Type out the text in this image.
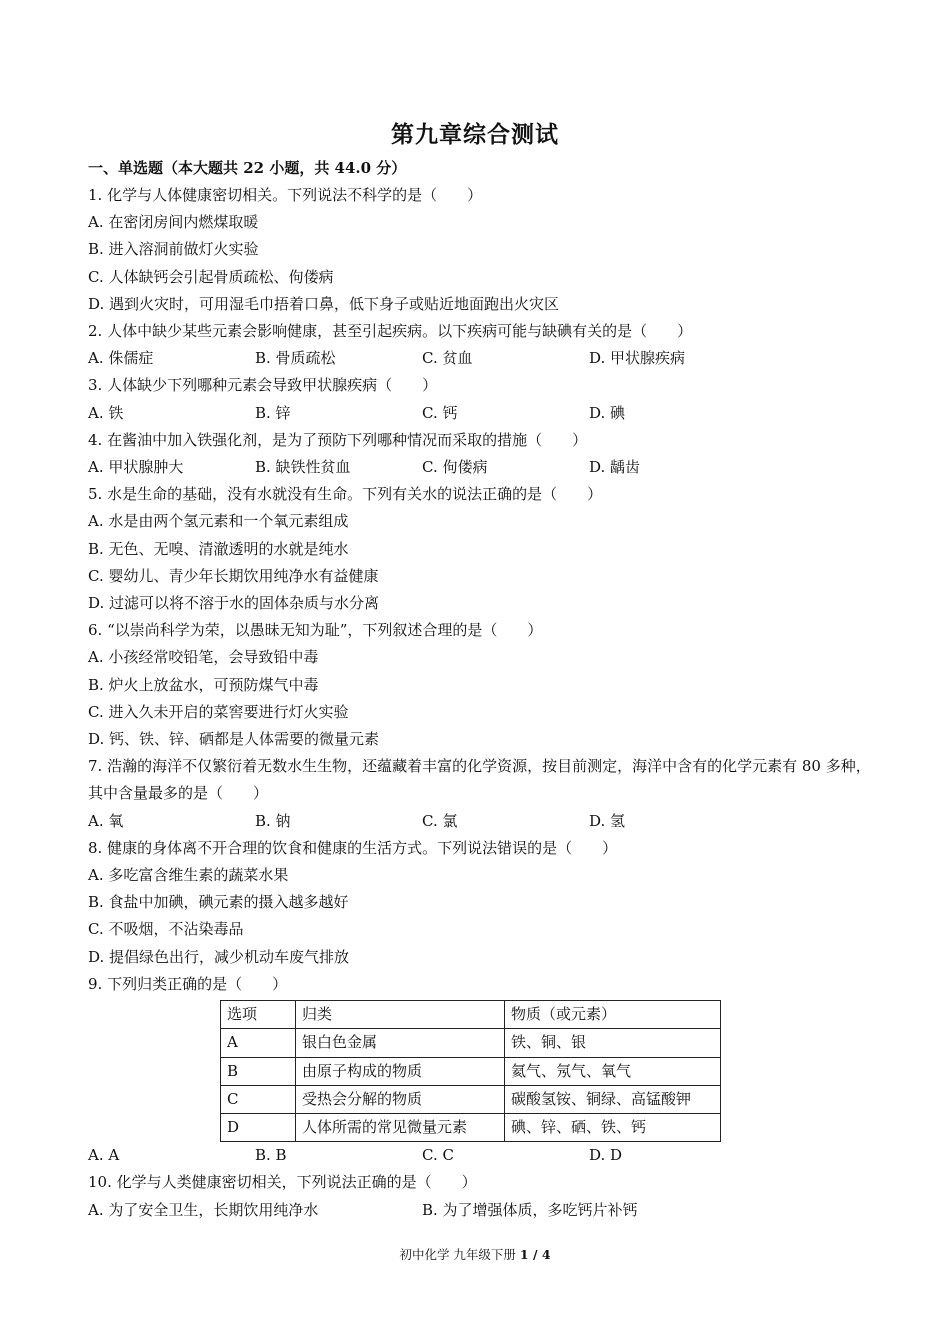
第九章综合测试
一、单选题（本大题共 22 小题，共 44.0 分）
1. 化学与人体健康密切相关。下列说法不科学的是（　　）
A. 在密闭房间内燃煤取暖
B. 进入溶洞前做灯火实验
C. 人体缺钙会引起骨质疏松、佝偻病
D. 遇到火灾时，可用湿毛巾捂着口鼻，低下身子或贴近地面跑出火灾区
2. 人体中缺少某些元素会影响健康，甚至引起疾病。以下疾病可能与缺碘有关的是（　　）
A. 侏儒症	B. 骨质疏松	C. 贫血	D. 甲状腺疾病
3. 人体缺少下列哪种元素会导致甲状腺疾病（　　）
A. 铁	B. 锌	C. 钙	D. 碘
4. 在酱油中加入铁强化剂，是为了预防下列哪种情况而采取的措施（　　）
A. 甲状腺肿大	B. 缺铁性贫血	C. 佝偻病	D. 龋齿
5. 水是生命的基础，没有水就没有生命。下列有关水的说法正确的是（　　）
A. 水是由两个氢元素和一个氧元素组成
B. 无色、无嗅、清澈透明的水就是纯水
C. 婴幼儿、青少年长期饮用纯净水有益健康
D. 过滤可以将不溶于水的固体杂质与水分离
6. “以崇尚科学为荣，以愚昧无知为耻”，下列叙述合理的是（　　）
A. 小孩经常咬铅笔，会导致铅中毒
B. 炉火上放盆水，可预防煤气中毒
C. 进入久未开启的菜窖要进行灯火实验
D. 钙、铁、锌、硒都是人体需要的微量元素
7. 浩瀚的海洋不仅繁衍着无数水生生物，还蕴藏着丰富的化学资源，按目前测定，海洋中含有的化学元素有 80 多种，其中含量最多的是（　　）
A. 氧	B. 钠	C. 氯	D. 氢
8. 健康的身体离不开合理的饮食和健康的生活方式。下列说法错误的是（　　）
A. 多吃富含维生素的蔬菜水果
B. 食盐中加碘，碘元素的摄入越多越好
C. 不吸烟，不沾染毒品
D. 提倡绿色出行，减少机动车废气排放
9. 下列归类正确的是（　　）
选项	归类	物质（或元素）
A	银白色金属	铁、铜、银
B	由原子构成的物质	氦气、氖气、氧气
C	受热会分解的物质	碳酸氢铵、铜绿、高锰酸钾
D	人体所需的常见微量元素	碘、锌、硒、铁、钙
A. A	B. B	C. C	D. D
10. 化学与人类健康密切相关，下列说法正确的是（　　）
A. 为了安全卫生，长期饮用纯净水	B. 为了增强体质，多吃钙片补钙
初中化学 九年级下册 1 / 4
